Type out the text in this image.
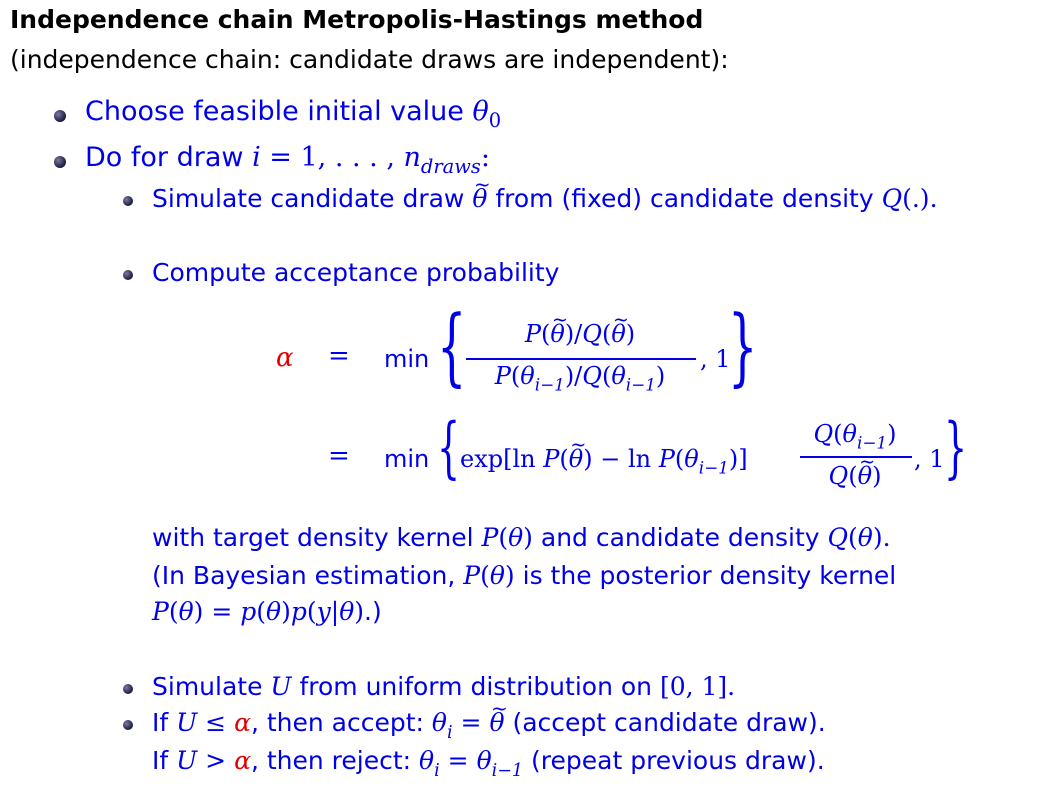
Independence chain Metropolis-Hastings method
(independence chain: candidate draws are independent):
Choose feasible initial value $\theta_0$
Do for draw i = 1, . . . , $n_{draws}$:
Simulate candidate draw θ ~ from (fixed) candidate density Q(.).
Compute acceptance probability
α = min {	P(θ ~)/Q(θ ~)
$P(\theta_{i-1})/Q(\theta_{i-1})$
, 1
}
= min { exp[ln P(θ ~) − $\ln P(\theta_{i-1})$]
$Q(\theta_{i-1})$
Q(θ ~)
, 1 }
with target density kernel P(θ) and candidate density Q(θ).
(In Bayesian estimation, P(θ) is the posterior density kernel
P(θ) = p(θ)p(y|θ).)
Simulate U from uniform distribution on [0, 1].
If U ≤ α, then accept: $\theta_i = \theta$ ~ (accept candidate draw).
If U > α, then reject: $\theta_i = \theta_{i-1}$ (repeat previous draw).
